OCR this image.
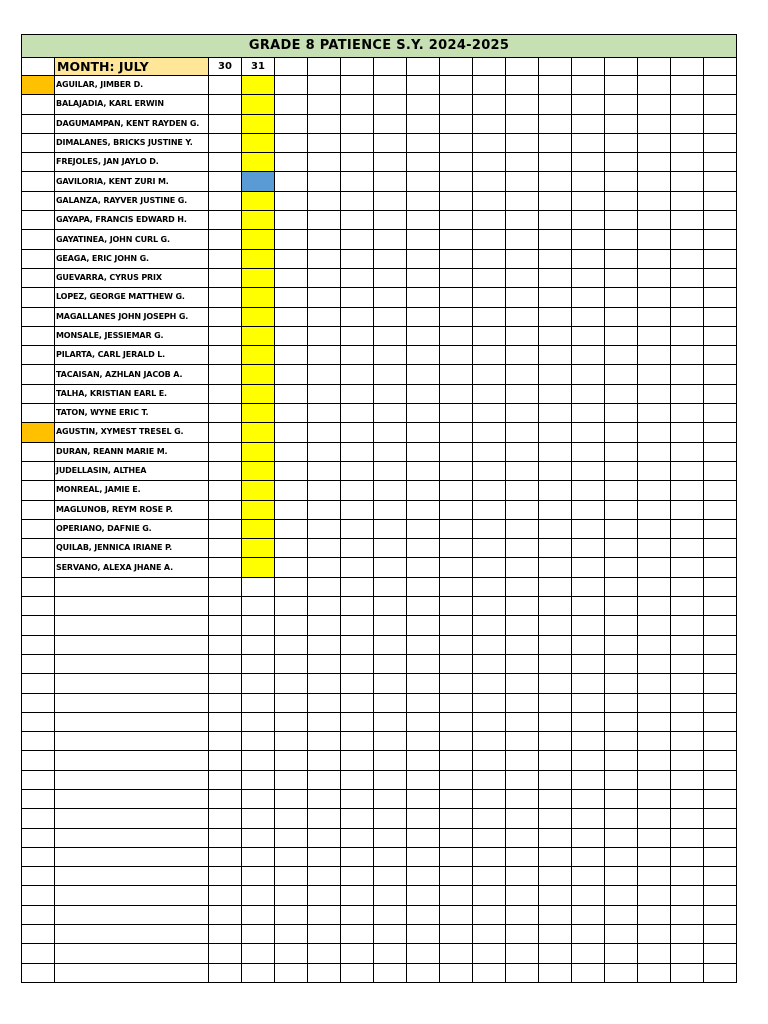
GRADE 8 PATIENCE S.Y. 2024-2025																	
	MONTH: JULY	30	31														
	AGUILAR, JIMBER D.																
	BALAJADIA, KARL ERWIN																
	DAGUMAMPAN, KENT RAYDEN G.																
	DIMALANES, BRICKS JUSTINE Y.																
	FREJOLES, JAN JAYLO D.																
	GAVILORIA, KENT ZURI M.																
	GALANZA, RAYVER JUSTINE G.																
	GAYAPA, FRANCIS EDWARD H.																
	GAYATINEA, JOHN CURL G.																
	GEAGA, ERIC JOHN G.																
	GUEVARRA, CYRUS PRIX																
	LOPEZ, GEORGE MATTHEW G.																
	MAGALLANES JOHN JOSEPH G.																
	MONSALE, JESSIEMAR G.																
	PILARTA, CARL JERALD L.																
	TACAISAN, AZHLAN JACOB A.																
	TALHA, KRISTIAN EARL E.																
	TATON, WYNE ERIC T.																
	AGUSTIN, XYMEST TRESEL G.																
	DURAN, REANN MARIE M.																
	JUDELLASIN, ALTHEA																
	MONREAL, JAMIE E.																
	MAGLUNOB, REYM ROSE P.																
	OPERIANO, DAFNIE G.																
	QUILAB, JENNICA IRIANE P.																
	SERVANO, ALEXA JHANE A.																
